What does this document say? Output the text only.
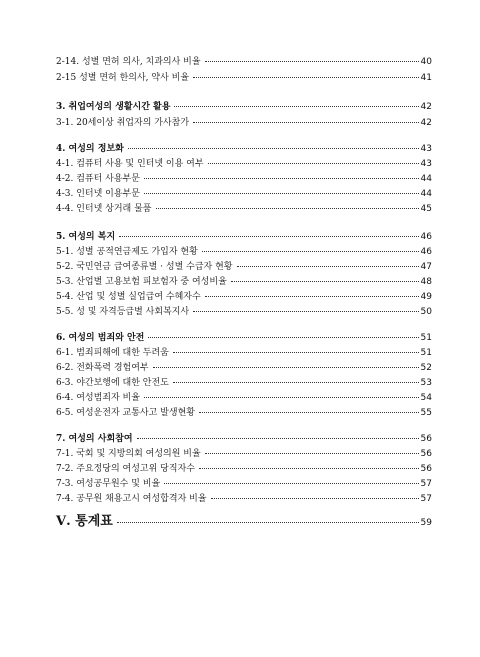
2-14. 성별 면허 의사, 치과의사 비율	40
2-15 성별 면허 한의사, 약사 비율	41
3. 취업여성의 생활시간 활용	42
3-1. 20세이상 취업자의 가사참가	42
4. 여성의 정보화	43
4-1. 컴퓨터 사용 및 인터넷 이용 여부	43
4-2. 컴퓨터 사용부문	44
4-3. 인터넷 이용부문	44
4-4. 인터넷 상거래 물품	45
5. 여성의 복지	46
5-1. 성별 공적연금제도 가입자 현황	46
5-2. 국민연금 급여종류별 · 성별 수급자 현황	47
5-3. 산업별 고용보험 피보험자 중 여성비율	48
5-4. 산업 및 성별 실업급여 수혜자수	49
5-5. 성 및 자격등급별 사회복지사	50
6. 여성의 범죄와 안전	51
6-1. 범죄피해에 대한 두려움	51
6-2. 전화폭력 경험여부	52
6-3. 야간보행에 대한 안전도	53
6-4. 여성범죄자 비율	54
6-5. 여성운전자 교통사고 발생현황	55
7. 여성의 사회참여	56
7-1. 국회 및 지방의회 여성의원 비율	56
7-2. 주요정당의 여성고위 당직자수	56
7-3. 여성공무원수 및 비율	57
7-4. 공무원 채용고시 여성합격자 비율	57
Ⅴ. 통계표	59
